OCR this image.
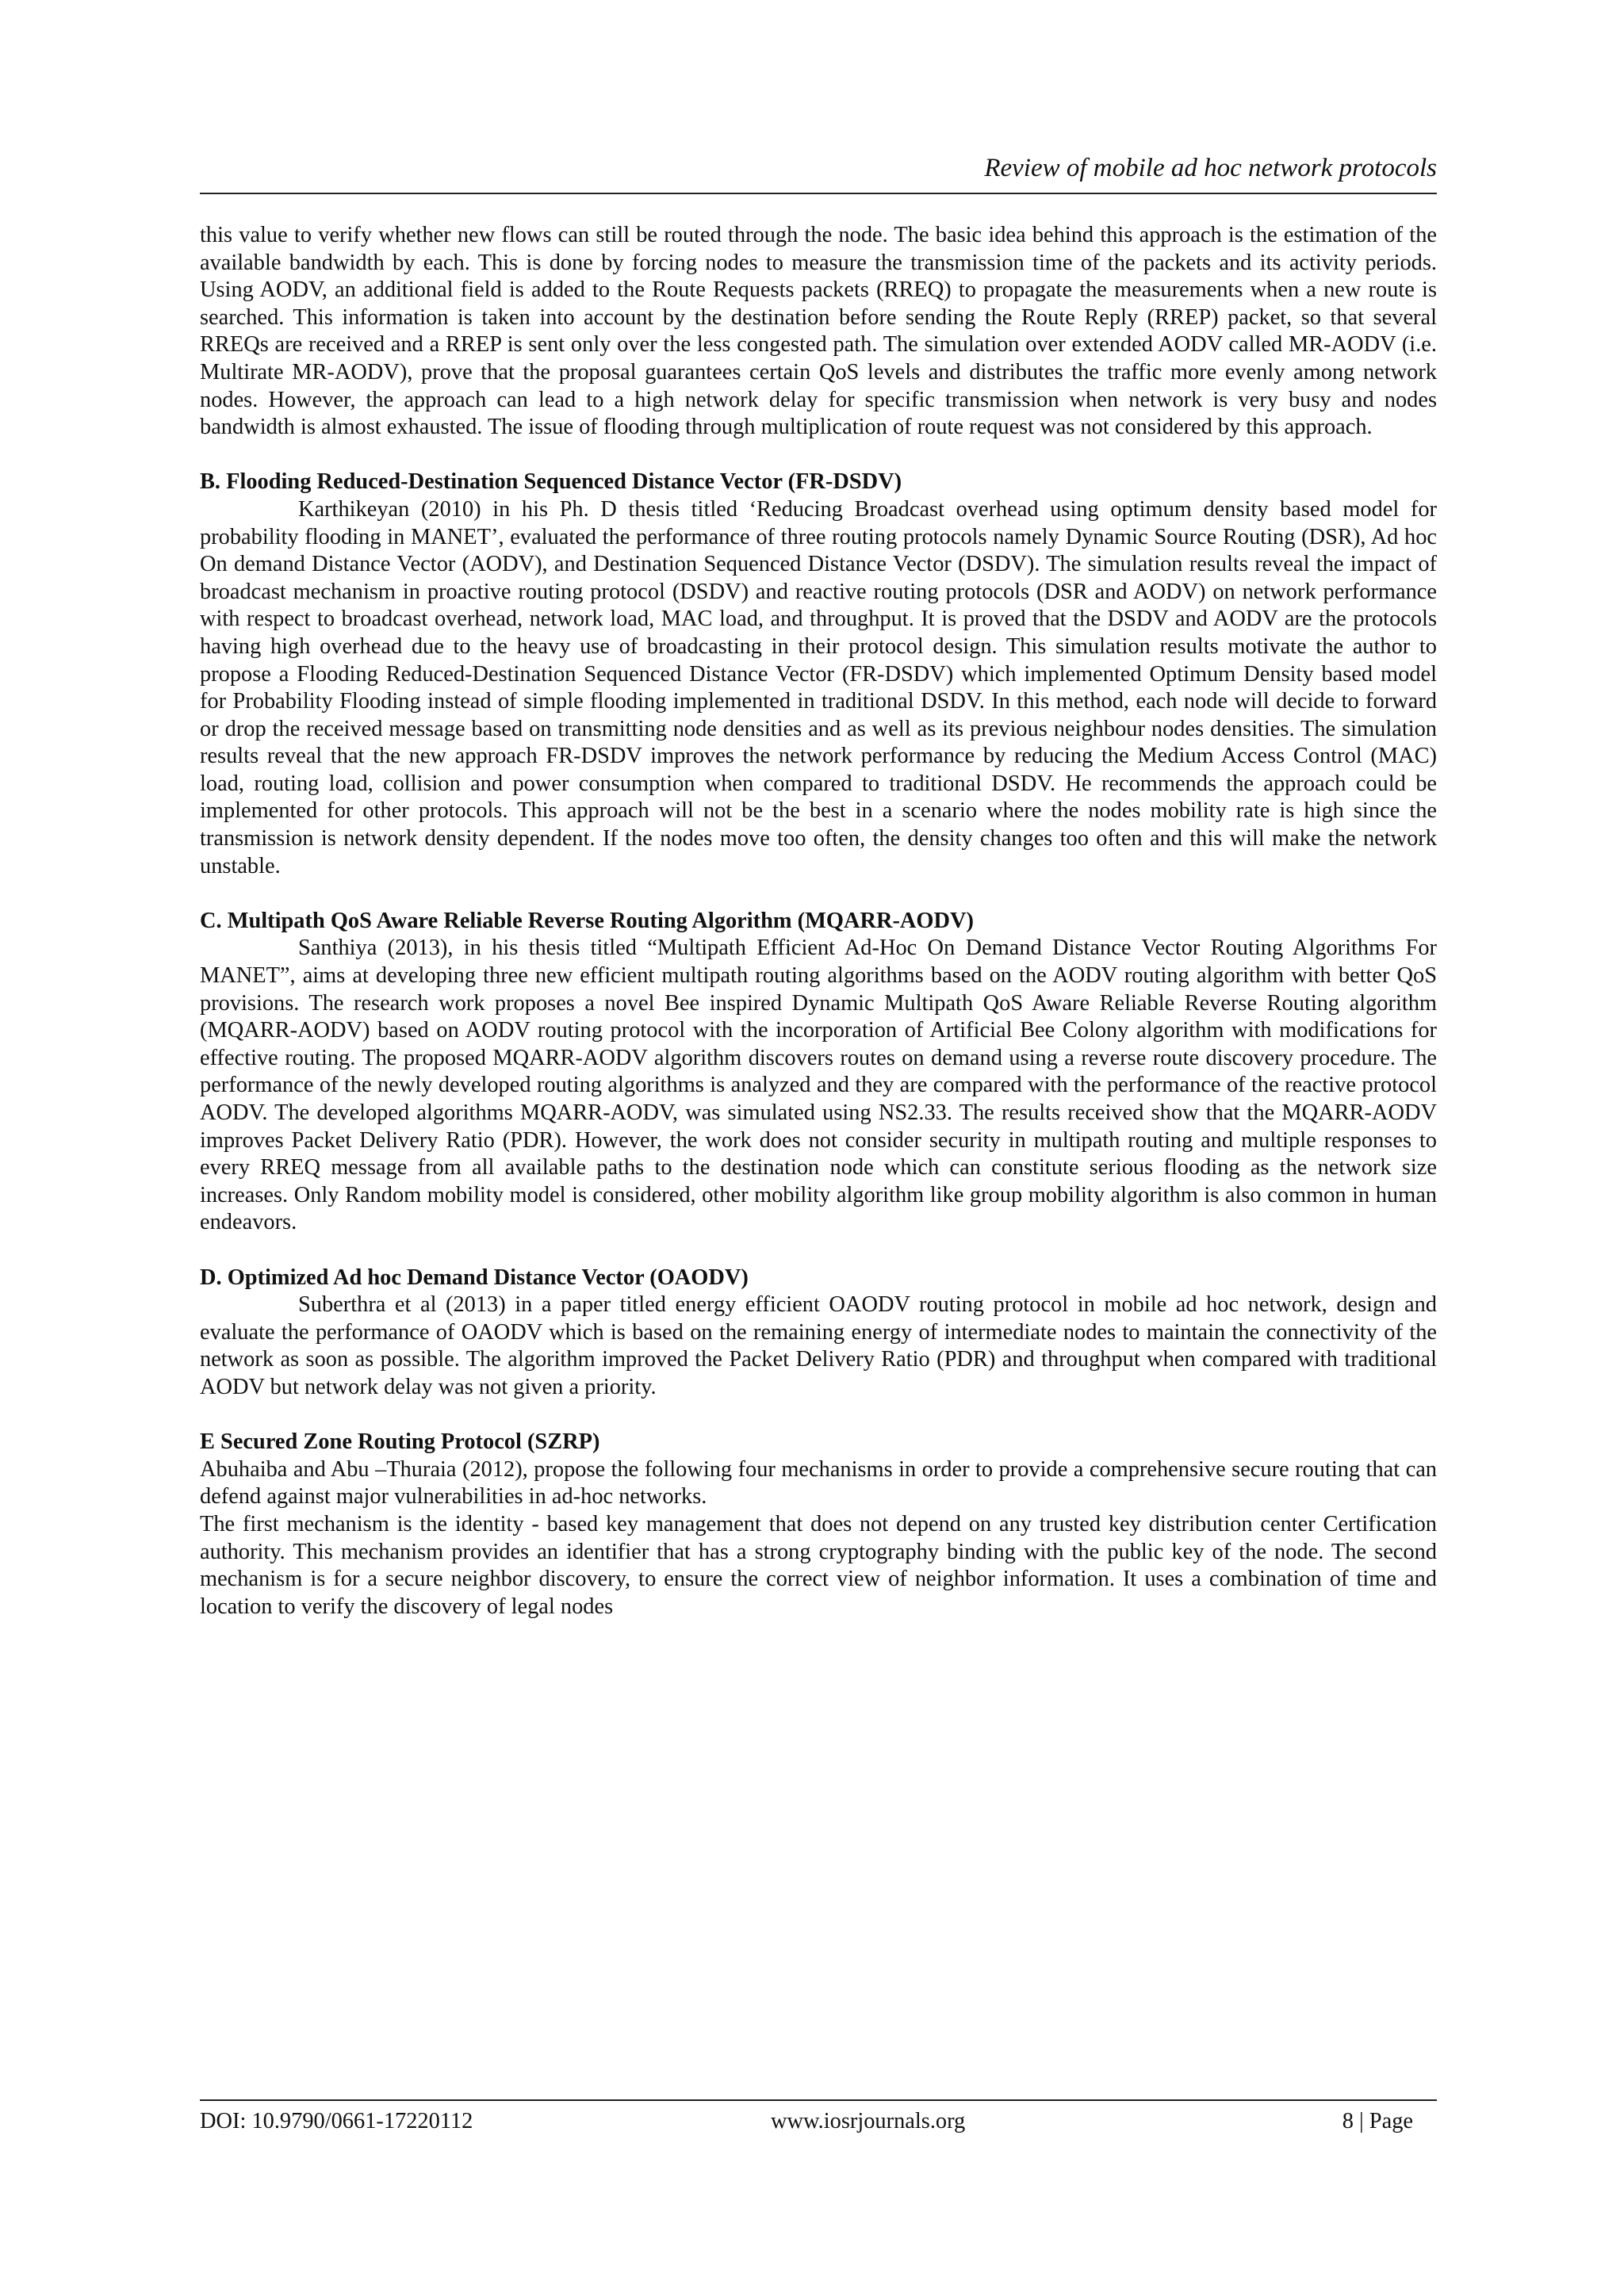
Review of mobile ad hoc network protocols

this value to verify whether new flows can still be routed through the node. The basic idea behind this approach is the estimation of the available bandwidth by each. This is done by forcing nodes to measure the transmission time of the packets and its activity periods. Using AODV, an additional field is added to the Route Requests packets (RREQ) to propagate the measurements when a new route is searched. This information is taken into account by the destination before sending the Route Reply (RREP) packet, so that several RREQs are received and a RREP is sent only over the less congested path. The simulation over extended AODV called MR-AODV (i.e. Multirate MR-AODV), prove that the proposal guarantees certain QoS levels and distributes the traffic more evenly among network nodes. However, the approach can lead to a high network delay for specific transmission when network is very busy and nodes bandwidth is almost exhausted. The issue of flooding through multiplication of route request was not considered by this approach.

B. Flooding Reduced-Destination Sequenced Distance Vector (FR-DSDV)

Karthikeyan (2010) in his Ph. D thesis titled ‘Reducing Broadcast overhead using optimum density based model for probability flooding in MANET’, evaluated the performance of three routing protocols namely Dynamic Source Routing (DSR), Ad hoc On demand Distance Vector (AODV), and Destination Sequenced Distance Vector (DSDV). The simulation results reveal the impact of broadcast mechanism in proactive routing protocol (DSDV) and reactive routing protocols (DSR and AODV) on network performance with respect to broadcast overhead, network load, MAC load, and throughput. It is proved that the DSDV and AODV are the protocols having high overhead due to the heavy use of broadcasting in their protocol design. This simulation results motivate the author to propose a Flooding Reduced-Destination Sequenced Distance Vector (FR-DSDV) which implemented Optimum Density based model for Probability Flooding instead of simple flooding implemented in traditional DSDV. In this method, each node will decide to forward or drop the received message based on transmitting node densities and as well as its previous neighbour nodes densities. The simulation results reveal that the new approach FR-DSDV improves the network performance by reducing the Medium Access Control (MAC) load, routing load, collision and power consumption when compared to traditional DSDV. He recommends the approach could be implemented for other protocols. This approach will not be the best in a scenario where the nodes mobility rate is high since the transmission is network density dependent. If the nodes move too often, the density changes too often and this will make the network unstable.

C. Multipath QoS Aware Reliable Reverse Routing Algorithm (MQARR-AODV)

Santhiya (2013), in his thesis titled “Multipath Efficient Ad-Hoc On Demand Distance Vector Routing Algorithms For MANET”, aims at developing three new efficient multipath routing algorithms based on the AODV routing algorithm with better QoS provisions. The research work proposes a novel Bee inspired Dynamic Multipath QoS Aware Reliable Reverse Routing algorithm (MQARR-AODV) based on AODV routing protocol with the incorporation of Artificial Bee Colony algorithm with modifications for effective routing. The proposed MQARR-AODV algorithm discovers routes on demand using a reverse route discovery procedure. The performance of the newly developed routing algorithms is analyzed and they are compared with the performance of the reactive protocol AODV. The developed algorithms MQARR-AODV, was simulated using NS2.33. The results received show that the MQARR-AODV improves Packet Delivery Ratio (PDR). However, the work does not consider security in multipath routing and multiple responses to every RREQ message from all available paths to the destination node which can constitute serious flooding as the network size increases. Only Random mobility model is considered, other mobility algorithm like group mobility algorithm is also common in human endeavors.

D. Optimized Ad hoc Demand Distance Vector (OAODV)

Suberthra et al (2013) in a paper titled energy efficient OAODV routing protocol in mobile ad hoc network, design and evaluate the performance of OAODV which is based on the remaining energy of intermediate nodes to maintain the connectivity of the network as soon as possible. The algorithm improved the Packet Delivery Ratio (PDR) and throughput when compared with traditional AODV but network delay was not given a priority.

E Secured Zone Routing Protocol (SZRP)

Abuhaiba and Abu –Thuraia (2012), propose the following four mechanisms in order to provide a comprehensive secure routing that can defend against major vulnerabilities in ad-hoc networks.

The first mechanism is the identity - based key management that does not depend on any trusted key distribution center Certification authority. This mechanism provides an identifier that has a strong cryptography binding with the public key of the node. The second mechanism is for a secure neighbor discovery, to ensure the correct view of neighbor information. It uses a combination of time and location to verify the discovery of legal nodes

DOI: 10.9790/0661-17220112	www.iosrjournals.org	8 | Page
